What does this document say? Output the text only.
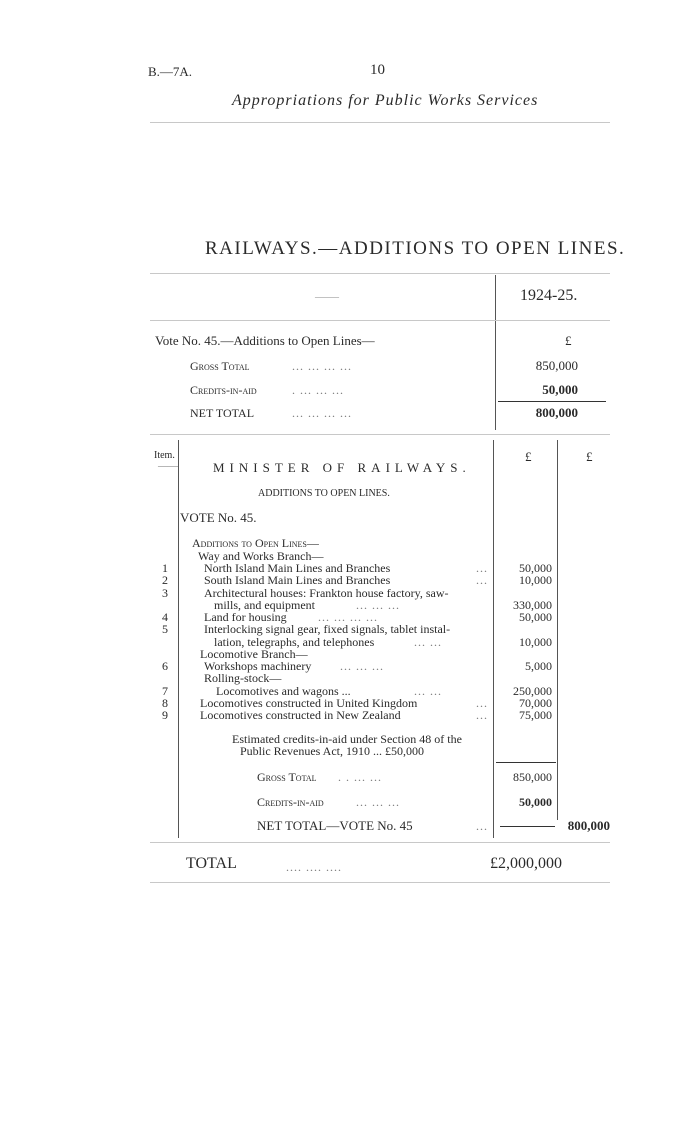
B.—7A.	10
Appropriations for Public Works Services
RAILWAYS.—ADDITIONS TO OPEN LINES.
——	1924-25.
Vote No. 45.—Additions to Open Lines—	£
Gross Total	... ... ... ...	850,000
Credits-in-aid	. ... ... ...	50,000
NET TOTAL	... ... ... ...	800,000
Item.
——
£	£
MINISTER OF RAILWAYS.
ADDITIONS TO OPEN LINES.
VOTE No. 45.
Additions to Open Lines—
Way and Works Branch—
1	North Island Main Lines and Branches	...	50,000
2	South Island Main Lines and Branches	...	10,000
3	Architectural houses: Frankton house factory, saw-
mills, and equipment	... ... ...	330,000
4	Land for housing	... ... ... ...	50,000
5	Interlocking signal gear, fixed signals, tablet instal-
lation, telegraphs, and telephones	... ...	10,000
Locomotive Branch—
6	Workshops machinery ... ... ...	5,000
Rolling-stock—
7	Locomotives and wagons ...	... ...	250,000
8	Locomotives constructed in United Kingdom	...	70,000
9	Locomotives constructed in New Zealand	...	75,000
Estimated credits-in-aid under Section 48 of the
Public Revenues Act, 1910 ... £50,000
Gross Total . . ... ...	850,000
Credits-in-aid	... ... ...	50,000
NET TOTAL—VOTE No. 45	...	800,000
TOTAL	.... .... ....	£2,000,000
